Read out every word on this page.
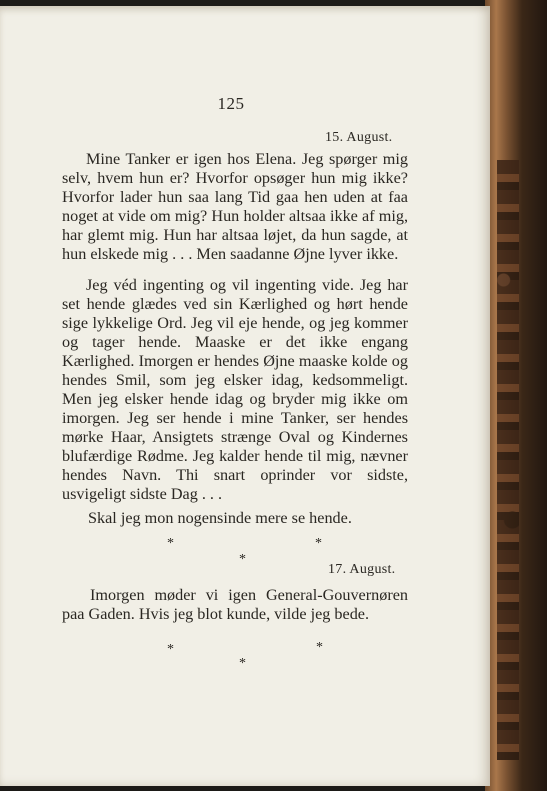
125
15. August.

Mine Tanker er igen hos Elena. Jeg spørger mig selv, hvem hun er? Hvorfor opsøger hun mig ikke? Hvorfor lader hun saa lang Tid gaa hen uden at faa noget at vide om mig? Hun holder altsaa ikke af mig, har glemt mig. Hun har altsaa løjet, da hun sagde, at hun elskede mig . . . Men saadanne Øjne lyver ikke.

Jeg véd ingenting og vil ingenting vide. Jeg har set hende glædes ved sin Kærlighed og hørt hende sige lykkelige Ord. Jeg vil eje hende, og jeg kommer og tager hende. Maaske er det ikke engang Kærlighed. Imorgen er hendes Øjne maaske kolde og hendes Smil, som jeg elsker idag, kedsommeligt. Men jeg elsker hende idag og bryder mig ikke om imorgen. Jeg ser hende i mine Tanker, ser hendes mørke Haar, Ansigtets strænge Oval og Kindernes blufærdige Rødme. Jeg kalder hende til mig, nævner hendes Navn. Thi snart oprinder vor sidste, usvigeligt sidste Dag . . .

Skal jeg mon nogensinde mere se hende.

*	*
*
17. August.

Imorgen møder vi igen General-Gouvernøren paa Gaden. Hvis jeg blot kunde, vilde jeg bede.

*	*
*
